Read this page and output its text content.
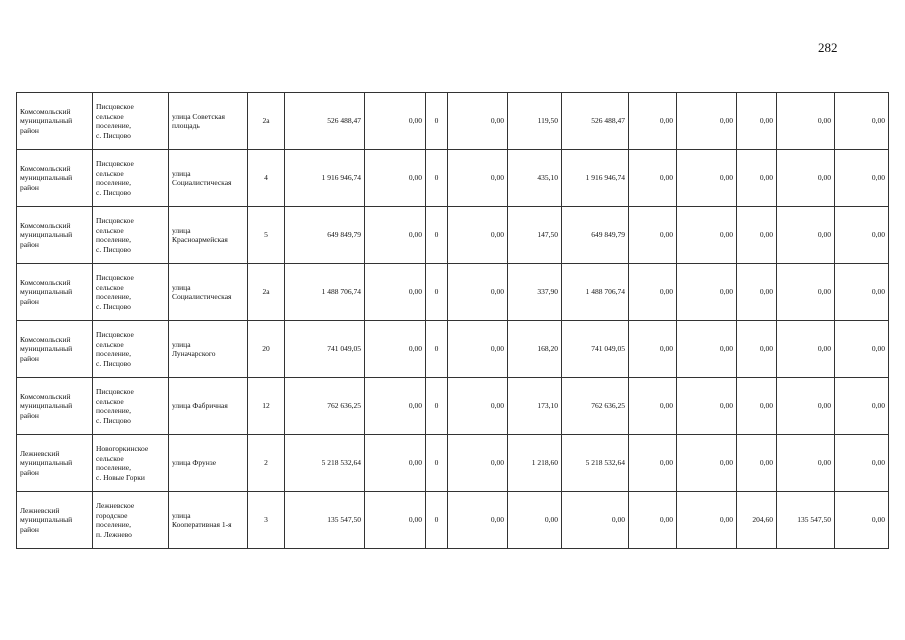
282
Комсомольский
муниципальный
район	Писцовское
сельское
поселение,
с. Писцово	улица Советская
площадь	2а	526 488,47	0,00	0	0,00	119,50	526 488,47	0,00	0,00	0,00	0,00	0,00

Комсомольский
муниципальный
район	Писцовское
сельское
поселение,
с. Писцово	улица
Социалистическая	4	1 916 946,74	0,00	0	0,00	435,10	1 916 946,74	0,00	0,00	0,00	0,00	0,00

Комсомольский
муниципальный
район	Писцовское
сельское
поселение,
с. Писцово	улица
Красноармейская	5	649 849,79	0,00	0	0,00	147,50	649 849,79	0,00	0,00	0,00	0,00	0,00

Комсомольский
муниципальный
район	Писцовское
сельское
поселение,
с. Писцово	улица
Социалистическая	2а	1 488 706,74	0,00	0	0,00	337,90	1 488 706,74	0,00	0,00	0,00	0,00	0,00

Комсомольский
муниципальный
район	Писцовское
сельское
поселение,
с. Писцово	улица
Луначарского	20	741 049,05	0,00	0	0,00	168,20	741 049,05	0,00	0,00	0,00	0,00	0,00

Комсомольский
муниципальный
район	Писцовское
сельское
поселение,
с. Писцово	улица Фабричная	12	762 636,25	0,00	0	0,00	173,10	762 636,25	0,00	0,00	0,00	0,00	0,00

Лежневский
муниципальный
район	Новогоркинское
сельское
поселение,
с. Новые Горки	улица Фрунзе	2	5 218 532,64	0,00	0	0,00	1 218,60	5 218 532,64	0,00	0,00	0,00	0,00	0,00

Лежневский
муниципальный
район	Лежневское
городское
поселение,
п. Лежнево	улица
Кооперативная 1-я	3	135 547,50	0,00	0	0,00	0,00	0,00	0,00	0,00	204,60	135 547,50	0,00
